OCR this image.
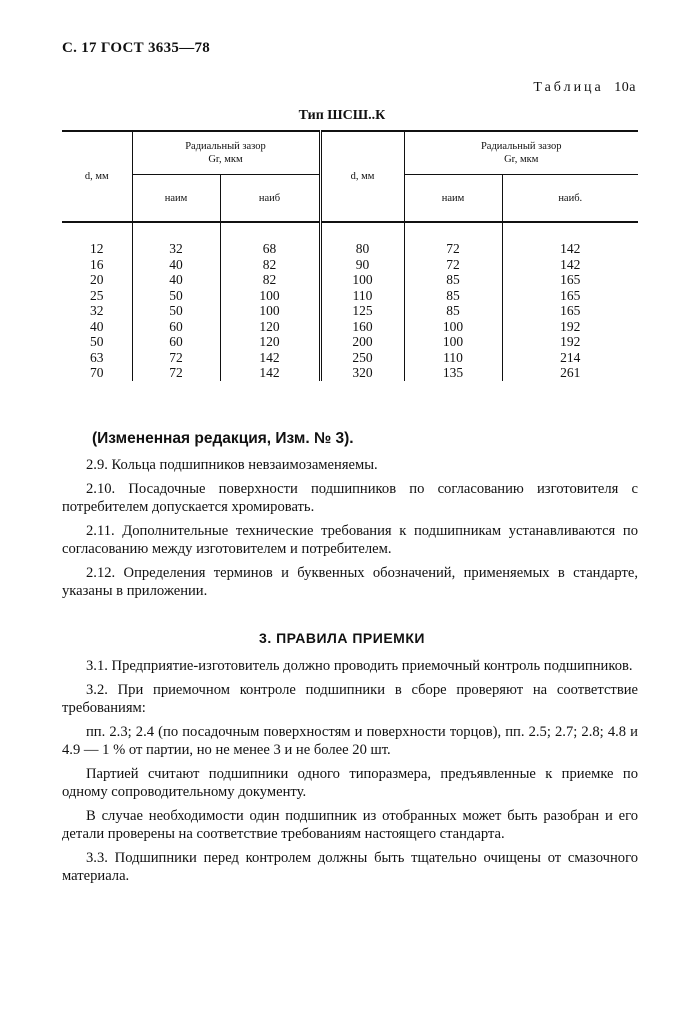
С. 17 ГОСТ 3635—78
Таблица 10а
Тип ШСШ..К
d, мм	Радиальный зазор
Gr, мкм		d, мм	Радиальный зазор
Gr, мкм	

	наим	наиб		наим	наиб.
12	32	68	80	72	142
16	40	82	90	72	142
20	40	82	100	85	165
25	50	100	110	85	165
32	50	100	125	85	165
40	60	120	160	100	192
50	60	120	200	100	192
63	72	142	250	110	214
70	72	142	320	135	261
(Измененная редакция, Изм. № 3).

2.9. Кольца подшипников невзаимозаменяемы.

2.10. Посадочные поверхности подшипников по согласованию изготовителя с потребителем допускается хромировать.

2.11. Дополнительные технические требования к подшипникам устанавливаются по согласованию между изготовителем и потребителем.

2.12. Определения терминов и буквенных обозначений, применяемых в стандарте, указаны в приложении.

3. ПРАВИЛА ПРИЕМКИ

3.1. Предприятие-изготовитель должно проводить приемочный контроль подшипников.

3.2. При приемочном контроле подшипники в сборе проверяют на соответствие требованиям:

пп. 2.3; 2.4 (по посадочным поверхностям и поверхности торцов), пп. 2.5; 2.7; 2.8; 4.8 и 4.9 — 1 % от партии, но не менее 3 и не более 20 шт.

Партией считают подшипники одного типоразмера, предъявленные к приемке по одному сопроводительному документу.

В случае необходимости один подшипник из отобранных может быть разобран и его детали проверены на соответствие требованиям настоящего стандарта.

3.3. Подшипники перед контролем должны быть тщательно очищены от смазочного материала.
